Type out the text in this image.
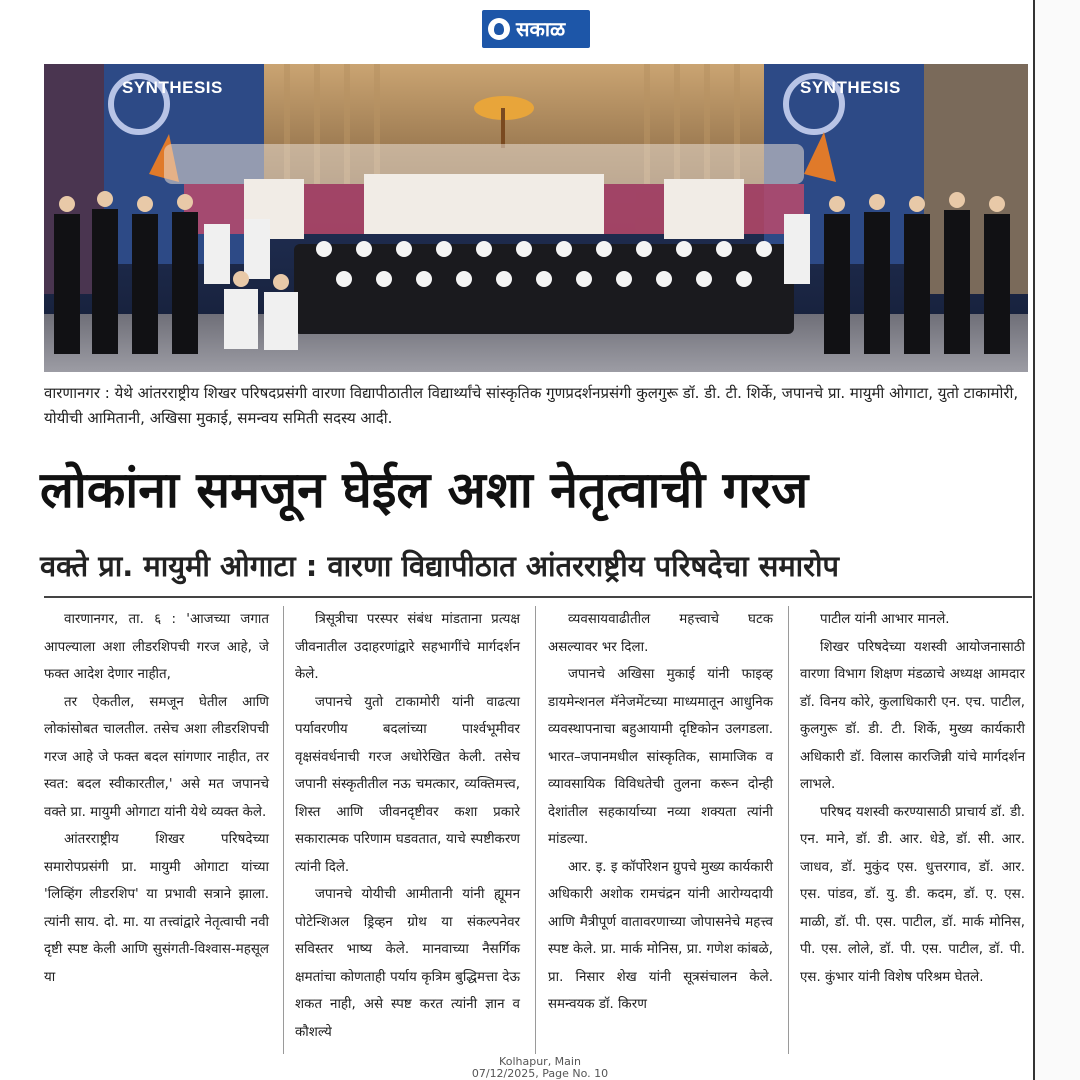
सकाळ
SYNTHESIS	SYNTHESIS

वारणानगर : येथे आंतरराष्ट्रीय शिखर परिषदप्रसंगी वारणा विद्यापीठातील विद्यार्थ्यांचे सांस्कृतिक गुणप्रदर्शनप्रसंगी कुलगुरू डॉ. डी. टी. शिर्के, जपानचे प्रा. मायुमी ओगाटा, युतो टाकामोरी, योयीची आमितानी, अखिसा मुकाई, समन्वय समिती सदस्य आदी.

लोकांना समजून घेईल अशा नेतृत्वाची गरज
वक्ते प्रा. मायुमी ओगाटा : वारणा विद्यापीठात आंतरराष्ट्रीय परिषदेचा समारोप

वारणानगर, ता. ६ : 'आजच्या जगात आपल्याला अशा लीडरशिपची गरज आहे, जे फक्त आदेश देणार नाहीत,

तर ऐकतील, समजून घेतील आणि लोकांसोबत चालतील. तसेच अशा लीडरशिपची गरज आहे जे फक्त बदल सांगणार नाहीत, तर स्वत: बदल स्वीकारतील,' असे मत जपानचे वक्ते प्रा. मायुमी ओगाटा यांनी येथे व्यक्त केले.

आंतरराष्ट्रीय शिखर परिषदेच्या समारोपप्रसंगी प्रा. मायुमी ओगाटा यांच्या 'लिव्हिंग लीडरशिप' या प्रभावी सत्राने झाला. त्यांनी साय. दो. मा. या तत्त्वांद्वारे नेतृत्वाची नवी दृष्टी स्पष्ट केली आणि सुसंगती-विश्वास-महसूल या

त्रिसूत्रीचा परस्पर संबंध मांडताना प्रत्यक्ष जीवनातील उदाहरणांद्वारे सहभागींचे मार्गदर्शन केले.

जपानचे युतो टाकामोरी यांनी वाढत्या पर्यावरणीय बदलांच्या पार्श्वभूमीवर वृक्षसंवर्धनाची गरज अधोरेखित केली. तसेच जपानी संस्कृतीतील नऊ चमत्कार, व्यक्तिमत्त्व, शिस्त आणि जीवनदृष्टीवर कशा प्रकारे सकारात्मक परिणाम घडवतात, याचे स्पष्टीकरण त्यांनी दिले.

जपानचे योयीची आमीतानी यांनी ह्यूमन पोटेन्शिअल ड्रिव्हन ग्रोथ या संकल्पनेवर सविस्तर भाष्य केले. मानवाच्या नैसर्गिक क्षमतांचा कोणताही पर्याय कृत्रिम बुद्धिमत्ता देऊ शकत नाही, असे स्पष्ट करत त्यांनी ज्ञान व कौशल्ये

व्यवसायवाढीतील महत्त्वाचे घटक असल्यावर भर दिला.

जपानचे अखिसा मुकाई यांनी फाइव्ह डायमेन्शनल मॅनेजमेंटच्या माध्यमातून आधुनिक व्यवस्थापनाचा बहुआयामी दृष्टिकोन उलगडला. भारत–जपानमधील सांस्कृतिक, सामाजिक व व्यावसायिक विविधतेची तुलना करून दोन्ही देशांतील सहकार्याच्या नव्या शक्यता त्यांनी मांडल्या.

आर. इ. इ कॉर्पोरेशन ग्रुपचे मुख्य कार्यकारी अधिकारी अशोक रामचंद्रन यांनी आरोग्यदायी आणि मैत्रीपूर्ण वातावरणाच्या जोपासनेचे महत्त्व स्पष्ट केले. प्रा. मार्क मोनिस, प्रा. गणेश कांबळे, प्रा. निसार शेख यांनी सूत्रसंचालन केले. समन्वयक डॉ. किरण

पाटील यांनी आभार मानले.

शिखर परिषदेच्या यशस्वी आयोजनासाठी वारणा विभाग शिक्षण मंडळाचे अध्यक्ष आमदार डॉ. विनय कोरे, कुलाधिकारी एन. एच. पाटील, कुलगुरू डॉ. डी. टी. शिर्के, मुख्य कार्यकारी अधिकारी डॉ. विलास कारजिन्नी यांचे मार्गदर्शन लाभले.

परिषद यशस्वी करण्यासाठी प्राचार्य डॉ. डी. एन. माने, डॉ. डी. आर. धेडे, डॉ. सी. आर. जाधव, डॉ. मुकुंद एस. धुत्तरगाव, डॉ. आर. एस. पांडव, डॉ. यु. डी. कदम, डॉ. ए. एस. माळी, डॉ. पी. एस. पाटील, डॉ. मार्क मोनिस, पी. एस. लोले, डॉ. पी. एस. पाटील, डॉ. पी. एस. कुंभार यांनी विशेष परिश्रम घेतले.

Kolhapur, Main
07/12/2025, Page No. 10
